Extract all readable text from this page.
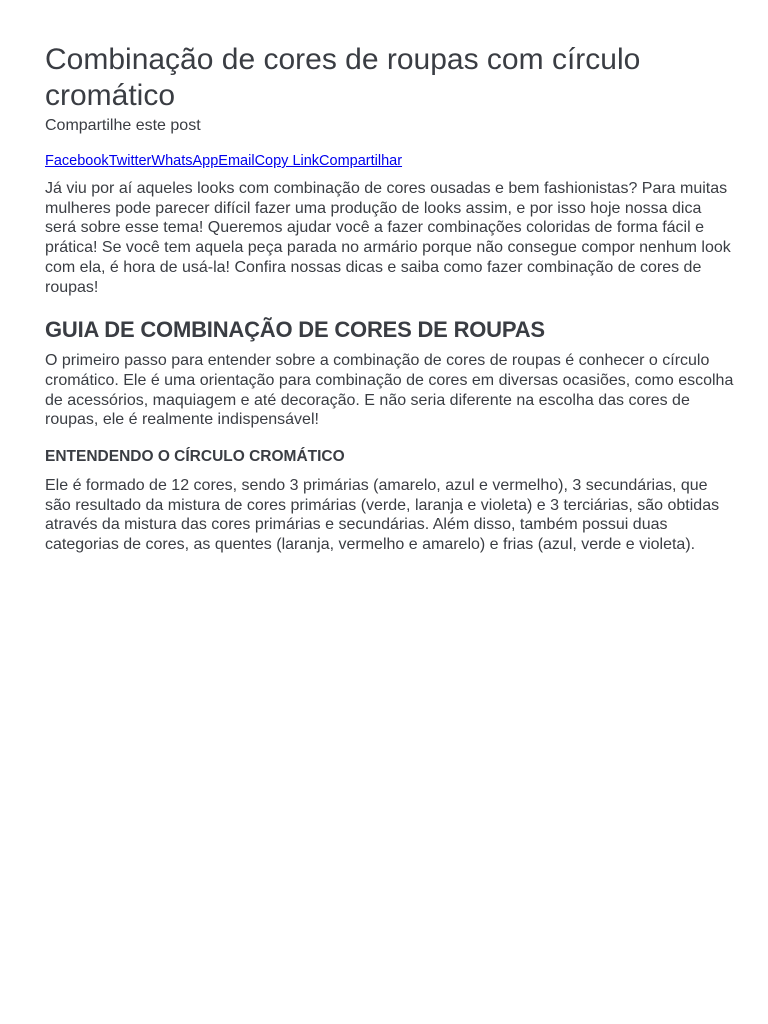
Combinação de cores de roupas com círculo cromático
Compartilhe este post
FacebookTwitterWhatsAppEmailCopy LinkCompartilhar

Já viu por aí aqueles looks com combinação de cores ousadas e bem fashionistas? Para muitas mulheres pode parecer difícil fazer uma produção de looks assim, e por isso hoje nossa dica será sobre esse tema! Queremos ajudar você a fazer combinações coloridas de forma fácil e prática! Se você tem aquela peça parada no armário porque não consegue compor nenhum look com ela, é hora de usá-la! Confira nossas dicas e saiba como fazer combinação de cores de roupas!

GUIA DE COMBINAÇÃO DE CORES DE ROUPAS

O primeiro passo para entender sobre a combinação de cores de roupas é conhecer o círculo cromático. Ele é uma orientação para combinação de cores em diversas ocasiões, como escolha de acessórios, maquiagem e até decoração. E não seria diferente na escolha das cores de roupas, ele é realmente indispensável!

ENTENDENDO O CÍRCULO CROMÁTICO

Ele é formado de 12 cores, sendo 3 primárias (amarelo, azul e vermelho), 3 secundárias, que são resultado da mistura de cores primárias (verde, laranja e violeta) e 3 terciárias, são obtidas através da mistura das cores primárias e secundárias. Além disso, também possui duas categorias de cores, as quentes (laranja, vermelho e amarelo) e frias (azul, verde e violeta).
